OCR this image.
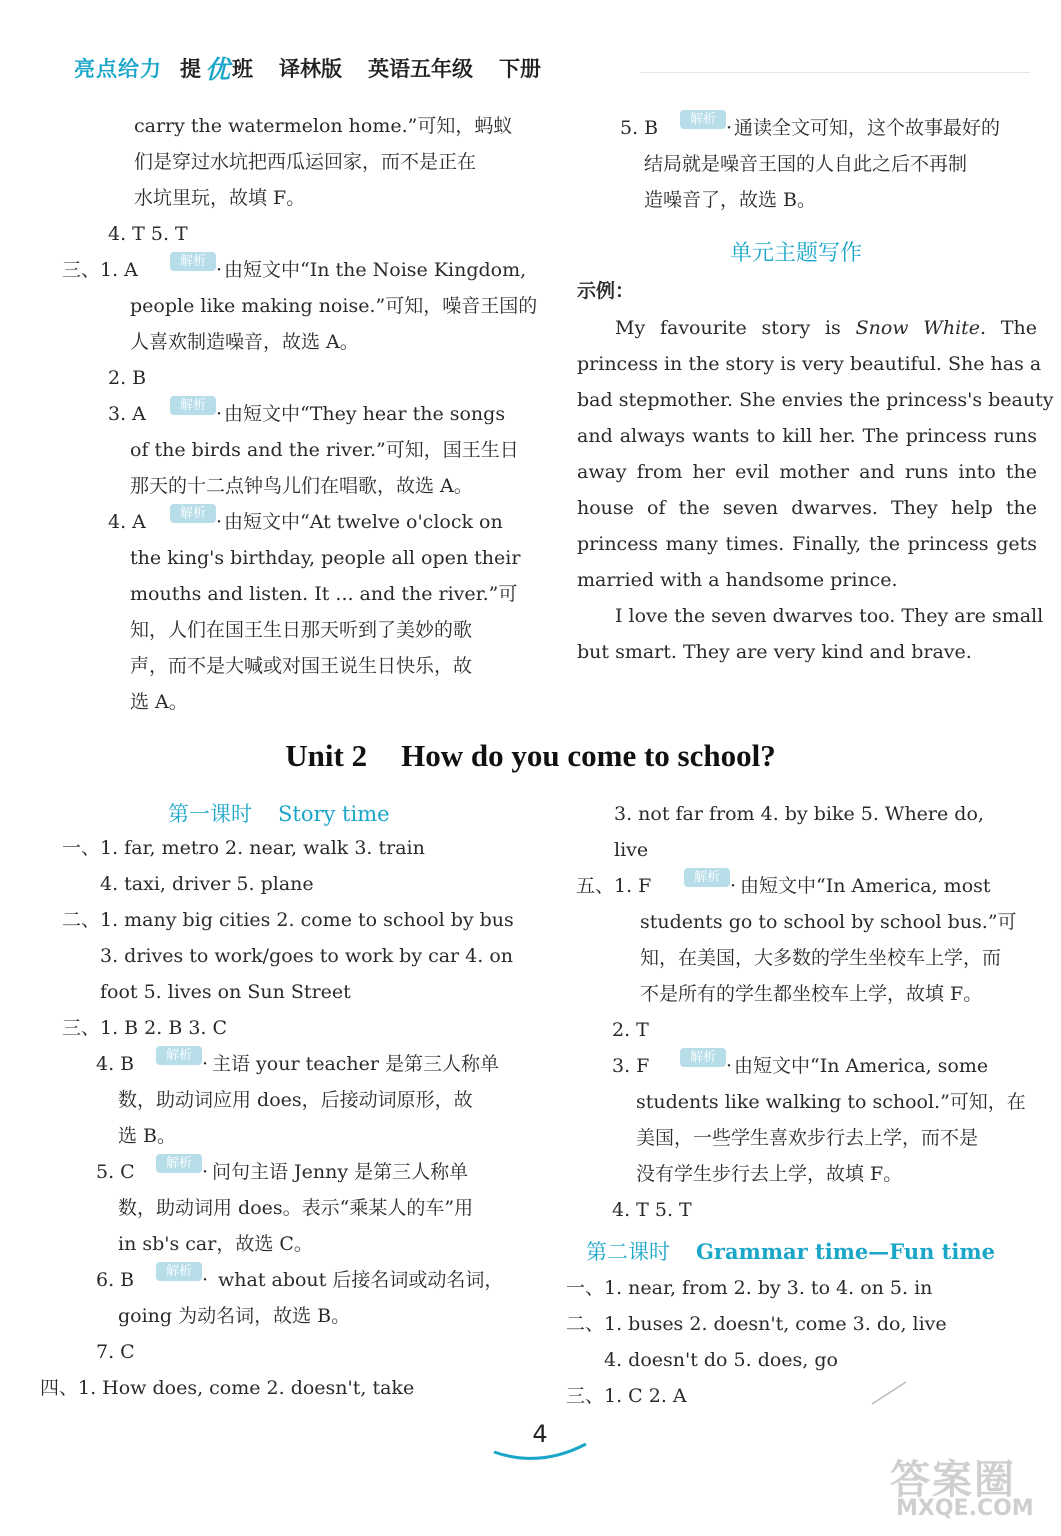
亮点给力 提 优 班 译林版 英语五年级 下册
carry the watermelon home.”可知，蚂蚁
们是穿过水坑把西瓜运回家，而不是正在
水坑里玩，故填 F。
4. T 5. T
三、1. A	解析 · 由短文中“In the Noise Kingdom,
people like making noise.”可知，噪音王国的
人喜欢制造噪音，故选 A。
2. B
3. A	解析 · 由短文中“They hear the songs
of the birds and the river.”可知，国王生日
那天的十二点钟鸟儿们在唱歌，故选 A。
4. A	解析 · 由短文中“At twelve o'clock on
the king's birthday, people all open their
mouths and listen. It ... and the river.”可
知，人们在国王生日那天听到了美妙的歌
声，而不是大喊或对国王说生日快乐，故
选 A。
5. B	解析 · 通读全文可知，这个故事最好的
结局就是噪音王国的人自此之后不再制
造噪音了，故选 B。
单元主题写作
示例：
  My favourite story is Snow White. The
princess in the story is very beautiful. She has a
bad stepmother. She envies the princess's beauty
and always wants to kill her. The princess runs
away from her evil mother and runs into the
house of the seven dwarves. They help the
princess many times. Finally, the princess gets
married with a handsome prince.
  I love the seven dwarves too. They are small
but smart. They are very kind and brave.
Unit 2 How do you come to school?
第一课时 Story time
一、1. far, metro 2. near, walk 3. train
4. taxi, driver 5. plane
二、1. many big cities 2. come to school by bus
3. drives to work/goes to work by car 4. on
foot 5. lives on Sun Street
三、1. B 2. B 3. C
4. B	解析 · 主语 your teacher 是第三人称单
数，助动词应用 does，后接动词原形，故
选 B。
5. C	解析 · 问句主语 Jenny 是第三人称单
数，助动词用 does。表示“乘某人的车”用
in sb's car，故选 C。
6. B	解析 · what about 后接名词或动名词，
going 为动名词，故选 B。
7. C
四、1. How does, come 2. doesn't, take
3. not far from 4. by bike 5. Where do,
live
五、1. F	解析 · 由短文中“In America, most
students go to school by school bus.”可
知，在美国，大多数的学生坐校车上学，而
不是所有的学生都坐校车上学，故填 F。
2. T
3. F	解析 · 由短文中“In America, some
students like walking to school.”可知，在
美国，一些学生喜欢步行去上学，而不是
没有学生步行去上学，故填 F。
4. T 5. T
第二课时 Grammar time—Fun time
一、1. near, from 2. by 3. to 4. on 5. in
二、1. buses 2. doesn't, come 3. do, live
4. doesn't do 5. does, go
三、1. C 2. A
4
答案圈
MXQE.COM
